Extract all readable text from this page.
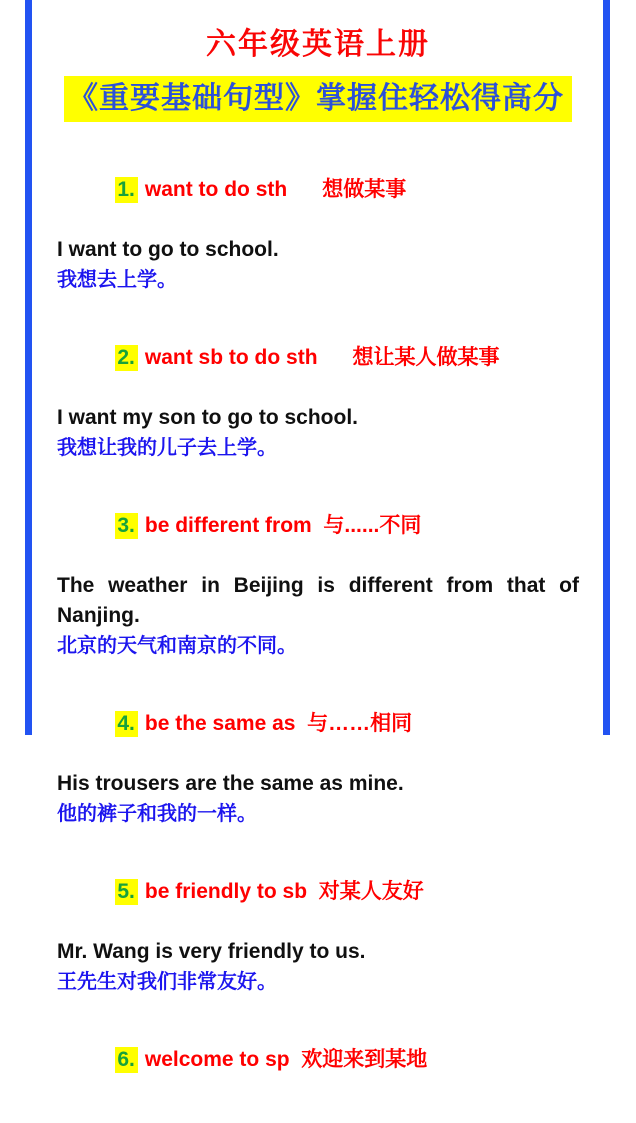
六年级英语上册
《重要基础句型》掌握住轻松得高分

1. want to do sth      想做某事

I want to go to school.
我想去上学。

2. want sb to do sth      想让某人做某事

I want my son to go to school.
我想让我的儿子去上学。

3. be different from  与......不同

The weather in Beijing is different from that of Nanjing.
北京的天气和南京的不同。

4. be the same as  与……相同

His trousers are the same as mine.
他的裤子和我的一样。

5. be friendly to sb  对某人友好

Mr. Wang is very friendly to us.
王先生对我们非常友好。

6. welcome to sp  欢迎来到某地
